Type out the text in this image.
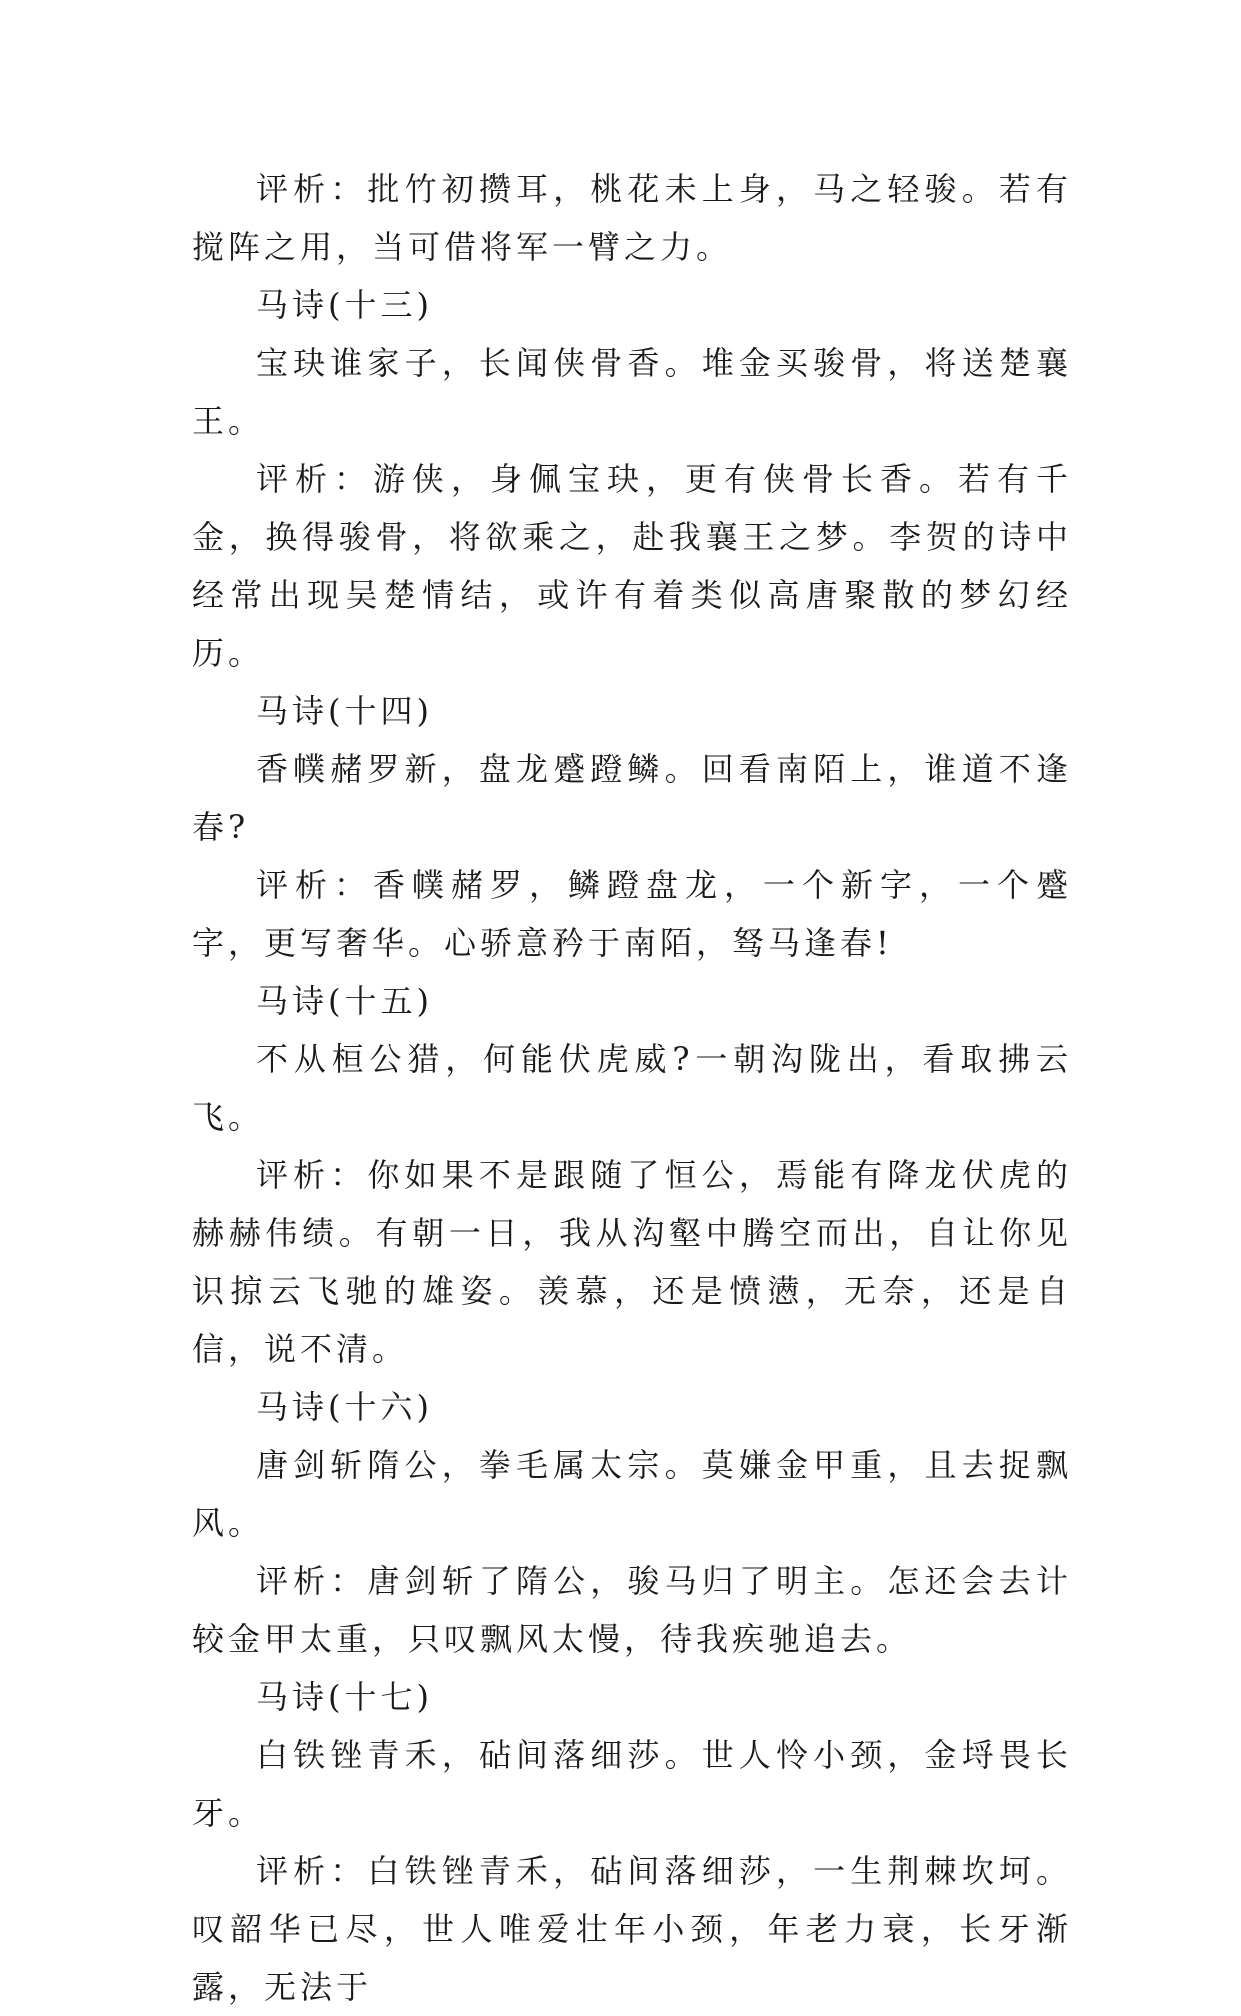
评析：批竹初攒耳，桃花未上身，马之轻骏。若有搅阵之用，当可借将军一臂之力。

马诗(十三)

宝玦谁家子，长闻侠骨香。堆金买骏骨，将送楚襄王。

评析：游侠，身佩宝玦，更有侠骨长香。若有千金，换得骏骨，将欲乘之，赴我襄王之梦。李贺的诗中经常出现吴楚情结，或许有着类似高唐聚散的梦幻经历。

马诗(十四)

香幞赭罗新，盘龙蹙蹬鳞。回看南陌上，谁道不逢春?

评析：香幞赭罗，鳞蹬盘龙，一个新字，一个蹙字，更写奢华。心骄意矜于南陌，驽马逢春!

马诗(十五)

不从桓公猎，何能伏虎威?一朝沟陇出，看取拂云飞。

评析：你如果不是跟随了恒公，焉能有降龙伏虎的赫赫伟绩。有朝一日，我从沟壑中腾空而出，自让你见识掠云飞驰的雄姿。羡慕，还是愤懑，无奈，还是自信，说不清。

马诗(十六)

唐剑斩隋公，拳毛属太宗。莫嫌金甲重，且去捉飘风。

评析：唐剑斩了隋公，骏马归了明主。怎还会去计较金甲太重，只叹飘风太慢，待我疾驰追去。

马诗(十七)

白铁锉青禾，砧间落细莎。世人怜小颈，金埒畏长牙。

评析：白铁锉青禾，砧间落细莎，一生荆棘坎坷。叹韶华已尽，世人唯爱壮年小颈，年老力衰，长牙渐露，无法于
